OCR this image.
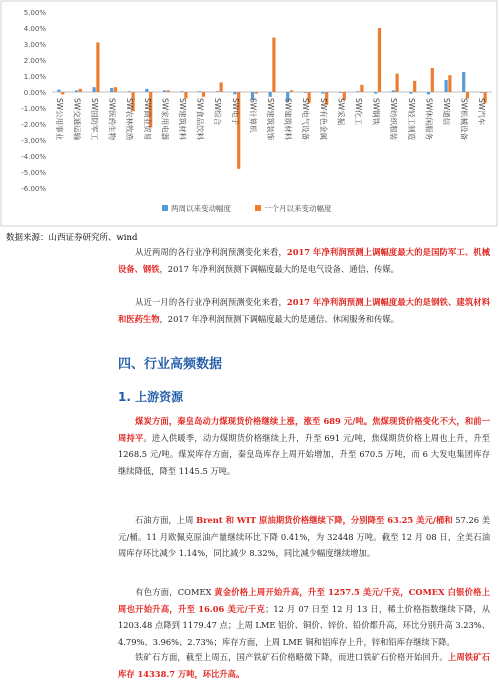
5.00%
4.00%
3.00%
2.00%
1.00%
0.00%
-1.00%
-2.00%
-3.00%
-4.00%
-5.00%
-6.00%
SW公用事业 SW交通运输 SW国防军工 SW医药生物 SW农林牧渔 SW商业贸易 SW家用电器 SW建筑材料 SW食品饮料 SW综合 SW电子 SW计算机 SW建筑装饰 SW建筑材料 SW电气设备 SW有色金属 SW采掘 SW化工 SW钢铁 SW纺织服装 SW轻工制造 SW休闲服务 SW通信 SW机械设备 SW汽车
两周以来变动幅度	一个月以来变动幅度
数据来源：山西证券研究所、wind
从近两周的各行业净利润预测变化来看，2017 年净利润预测上调幅度最大的是国防军工、机械设备、钢铁，2017 年净利润预测下调幅度最大的是电气设备、通信、传媒。
从近一月的各行业净利润预测变化来看，2017 年净利润预测上调幅度最大的是钢铁、建筑材料和医药生物，2017 年净利润预测下调幅度最大的是通信、休闲服务和传媒。
四、行业高频数据
1. 上游资源
煤炭方面，秦皇岛动力煤现货价格继续上涨，涨至 689 元/吨。焦煤现货价格变化不大，和前一周持平。进入供暖季，动力煤期货价格继续上升，升至 691 元/吨，焦煤期货价格上周也上升，升至 1268.5 元/吨。煤炭库存方面，秦皇岛库存上周开始增加，升至 670.5 万吨，而 6 大发电集团库存继续降低，降至 1145.5 万吨。
石油方面，上周 Brent 和 WIT 原油期货价格继续下降，分别降至 63.25 美元/桶和 57.26 美元/桶。11 月欧佩克原油产量继续环比下降 0.41%，为 32448 万吨。截至 12 月 08 日，全美石油周库存环比减少 1.14%，同比减少 8.32%，同比减少幅度继续增加。
有色方面，COMEX 黄金价格上周开始升高，升至 1257.5 美元/千克，COMEX 白银价格上周也开始升高，升至 16.06 美元/千克；12 月 07 日至 12 月 13 日，稀土价格指数继续下降，从 1203.48 点降到 1179.47 点；上周 LME 铝价、铜价、锌价、铅价都升高，环比分别升高 3.23%、4.79%、3.96%、2.73%；库存方面，上周 LME 铜和铝库存上升，锌和铅库存继续下降。
铁矿石方面，截至上周五，国产铁矿石价格略微下降，而进口铁矿石价格开始回升。上周铁矿石库存 14338.7 万吨，环比升高。
